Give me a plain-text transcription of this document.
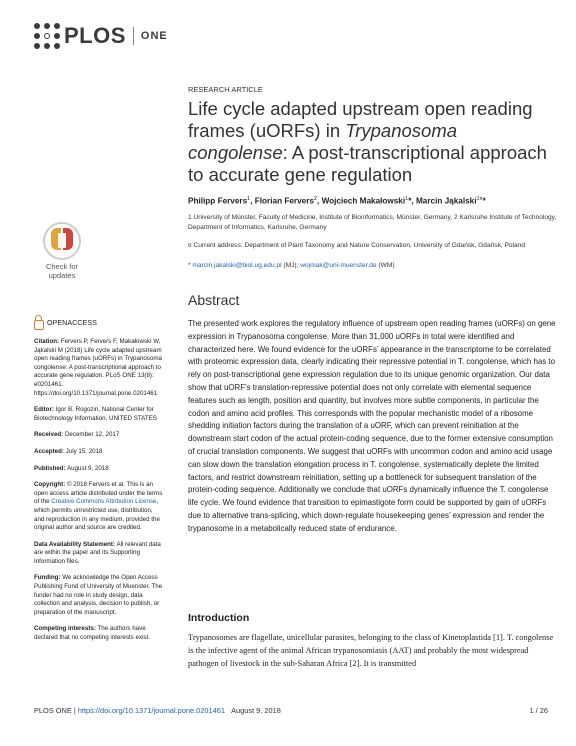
PLOS ONE
RESEARCH ARTICLE
Life cycle adapted upstream open reading frames (uORFs) in Trypanosoma congolense: A post-transcriptional approach to accurate gene regulation
Philipp Fervers$^1$, Florian Fervers$^2$, Wojciech Makałowski$^1$*, Marcin Jąkalski$^{1¤}$*
1 University of Münster, Faculty of Medicine, Institute of Bioinformatics, Münster, Germany, 2 Karlsruhe Institute of Technology, Department of Informatics, Karlsruhe, Germany
¤ Current address: Department of Plant Taxonomy and Nature Conservation, University of Gdańsk, Gdańsk, Poland
* marcin.jakalski@biol.ug.edu.pl (MJ); wojmak@uni-muenster.de (WM)
Check for
updates
Abstract
The presented work explores the regulatory influence of upstream open reading frames (uORFs) on gene expression in Trypanosoma congolense. More than 31,000 uORFs in total were identified and characterized here. We found evidence for the uORFs’ appearance in the transcriptome to be correlated with proteomic expression data, clearly indicating their repressive potential in T. congolense, which has to rely on post-transcriptional gene expression regulation due to its unique genomic organization. Our data show that uORF’s translation-repressive potential does not only correlate with elemental sequence features such as length, position and quantity, but involves more subtle components, in particular the codon and amino acid profiles. This corresponds with the popular mechanistic model of a ribosome shedding initiation factors during the translation of a uORF, which can prevent reinitiation at the downstream start codon of the actual protein-coding sequence, due to the former extensive consumption of crucial translation components. We suggest that uORFs with uncommon codon and amino acid usage can slow down the translation elongation process in T. congolense, systematically deplete the limited factors, and restrict downstream reinitiation, setting up a bottleneck for subsequent translation of the protein-coding sequence. Additionally we conclude that uORFs dynamically influence the T. congolense life cycle. We found evidence that transition to epimastigote form could be supported by gain of uORFs due to alternative trans-splicing, which down-regulate housekeeping genes’ expression and render the trypanosome in a metabolically reduced state of endurance.
OPENACCESS
Citation: Fervers P, Fervers F, Makałowski W, Jąkalski M (2018) Life cycle adapted upstream open reading frames (uORFs) in Trypanosoma congolense: A post-transcriptional approach to accurate gene regulation. PLoS ONE 13(8): e0201461. https://doi.org/10.1371/journal.pone.0201461
Editor: Igor B. Rogozin, National Center for Biotechnology Information, UNITED STATES
Received: December 12, 2017
Accepted: July 15, 2018
Published: August 9, 2018
Copyright: © 2018 Fervers et al. This is an open access article distributed under the terms of the Creative Commons Attribution License, which permits unrestricted use, distribution, and reproduction in any medium, provided the original author and source are credited.
Data Availability Statement: All relevant data are within the paper and its Supporting Information files.
Funding: We acknowledge the Open Access Publishing Fund of University of Muenster. The funder had no role in study design, data collection and analysis, decision to publish, or preparation of the manuscript.
Competing interests: The authors have declared that no competing interests exist.
Introduction
Trypanosomes are flagellate, unicellular parasites, belonging to the class of Kinetoplastida [1]. T. congolense is the infective agent of the animal African trypanosomiasis (AAT) and probably the most widespread pathogen of livestock in the sub-Saharan Africa [2]. It is transmitted
PLOS ONE
|
https://doi.org/10.1371/journal.pone.0201461
August 9, 2018	1 / 26
